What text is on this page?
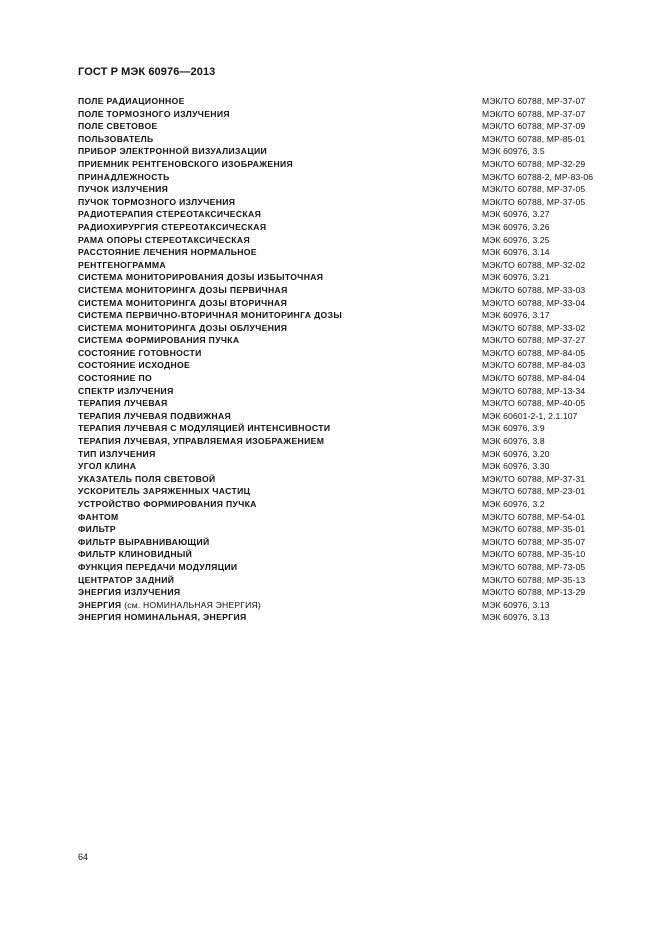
ГОСТ Р МЭК 60976—2013
ПОЛЕ РАДИАЦИОННОЕ	МЭК/ТО 60788, MP-37-07
ПОЛЕ ТОРМОЗНОГО ИЗЛУЧЕНИЯ	МЭК/ТО 60788, MP-37-07
ПОЛЕ СВЕТОВОЕ	МЭК/ТО 60788, MP-37-09
ПОЛЬЗОВАТЕЛЬ	МЭК/ТО 60788, MP-85-01
ПРИБОР ЭЛЕКТРОННОЙ ВИЗУАЛИЗАЦИИ	МЭК 60976, 3.5
ПРИЕМНИК РЕНТГЕНОВСКОГО ИЗОБРАЖЕНИЯ	МЭК/ТО 60788, MP-32-29
ПРИНАДЛЕЖНОСТЬ	МЭК/ТО 60788-2, MP-83-06
ПУЧОК ИЗЛУЧЕНИЯ	МЭК/ТО 60788, MP-37-05
ПУЧОК ТОРМОЗНОГО ИЗЛУЧЕНИЯ	МЭК/ТО 60788, MP-37-05
РАДИОТЕРАПИЯ СТЕРЕОТАКСИЧЕСКАЯ	МЭК 60976, 3.27
РАДИОХИРУРГИЯ СТЕРЕОТАКСИЧЕСКАЯ	МЭК 60976, 3.26
РАМА ОПОРЫ СТЕРЕОТАКСИЧЕСКАЯ	МЭК 60976, 3.25
РАССТОЯНИЕ ЛЕЧЕНИЯ НОРМАЛЬНОЕ	МЭК 60976, 3.14
РЕНТГЕНОГРАММА	МЭК/ТО 60788, MP-32-02
СИСТЕМА МОНИТОРИРОВАНИЯ ДОЗЫ ИЗБЫТОЧНАЯ	МЭК 60976, 3.21
СИСТЕМА МОНИТОРИНГА ДОЗЫ ПЕРВИЧНАЯ	МЭК/ТО 60788, MP-33-03
СИСТЕМА МОНИТОРИНГА ДОЗЫ ВТОРИЧНАЯ	МЭК/ТО 60788, MP-33-04
СИСТЕМА ПЕРВИЧНО-ВТОРИЧНАЯ МОНИТОРИНГА ДОЗЫ	МЭК 60976, 3.17
СИСТЕМА МОНИТОРИНГА ДОЗЫ ОБЛУЧЕНИЯ	МЭК/ТО 60788, MP-33-02
СИСТЕМА ФОРМИРОВАНИЯ ПУЧКА	МЭК/ТО 60788, MP-37-27
СОСТОЯНИЕ ГОТОВНОСТИ	МЭК/ТО 60788, MP-84-05
СОСТОЯНИЕ ИСХОДНОЕ	МЭК/ТО 60788, MP-84-03
СОСТОЯНИЕ ПО	МЭК/ТО 60788, MP-84-04
СПЕКТР ИЗЛУЧЕНИЯ	МЭК/ТО 60788, MP-13-34
ТЕРАПИЯ ЛУЧЕВАЯ	МЭК/ТО 60788, MP-40-05
ТЕРАПИЯ ЛУЧЕВАЯ ПОДВИЖНАЯ	МЭК 60601-2-1, 2.1.107
ТЕРАПИЯ ЛУЧЕВАЯ С МОДУЛЯЦИЕЙ ИНТЕНСИВНОСТИ	МЭК 60976, 3.9
ТЕРАПИЯ ЛУЧЕВАЯ, УПРАВЛЯЕМАЯ ИЗОБРАЖЕНИЕМ	МЭК 60976, 3.8
ТИП ИЗЛУЧЕНИЯ	МЭК 60976, 3.20
УГОЛ КЛИНА	МЭК 60976, 3.30
УКАЗАТЕЛЬ ПОЛЯ СВЕТОВОЙ	МЭК/ТО 60788, MP-37-31
УСКОРИТЕЛЬ ЗАРЯЖЕННЫХ ЧАСТИЦ	МЭК/ТО 60788, MP-23-01
УСТРОЙСТВО ФОРМИРОВАНИЯ ПУЧКА	МЭК 60976, 3.2
ФАНТОМ	МЭК/ТО 60788, MP-54-01
ФИЛЬТР	МЭК/ТО 60788, MP-35-01
ФИЛЬТР ВЫРАВНИВАЮЩИЙ	МЭК/ТО 60788, MP-35-07
ФИЛЬТР КЛИНОВИДНЫЙ	МЭК/ТО 60788, MP-35-10
ФУНКЦИЯ ПЕРЕДАЧИ МОДУЛЯЦИИ	МЭК/ТО 60788, MP-73-05
ЦЕНТРАТОР ЗАДНИЙ	МЭК/ТО 60788, MP-35-13
ЭНЕРГИЯ ИЗЛУЧЕНИЯ	МЭК/ТО 60788, MP-13-29
ЭНЕРГИЯ (см. НОМИНАЛЬНАЯ ЭНЕРГИЯ)	МЭК 60976, 3.13
ЭНЕРГИЯ НОМИНАЛЬНАЯ, ЭНЕРГИЯ	МЭК 60976, 3.13
64
